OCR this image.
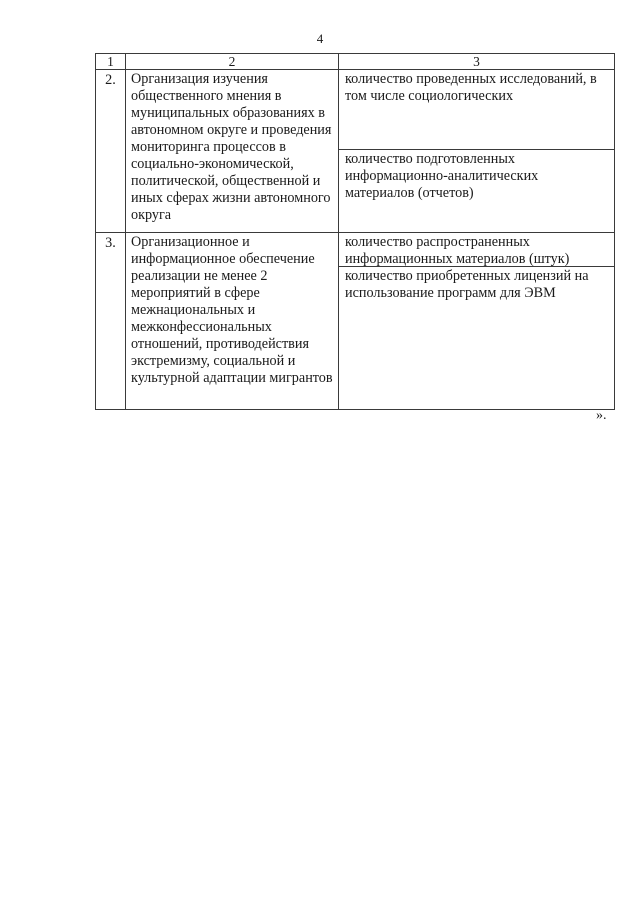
4
1	2	3
2.	Организация изучения общественного мнения в муниципальных образованиях в автономном округе и проведения мониторинга процессов в социально-экономической, политической, общественной и иных сферах жизни автономного округа	количество проведенных исследований, в том числе социологических
количество подготовленных информационно-аналитических материалов (отчетов)

3.	Организационное и информационное обеспечение реализации не менее 2 мероприятий в сфере межнациональных и межконфессиональных отношений, противодействия экстремизму, социальной и культурной адаптации мигрантов	количество распространенных информационных материалов (штук)
количество приобретенных лицензий на использование программ для ЭВМ
».
